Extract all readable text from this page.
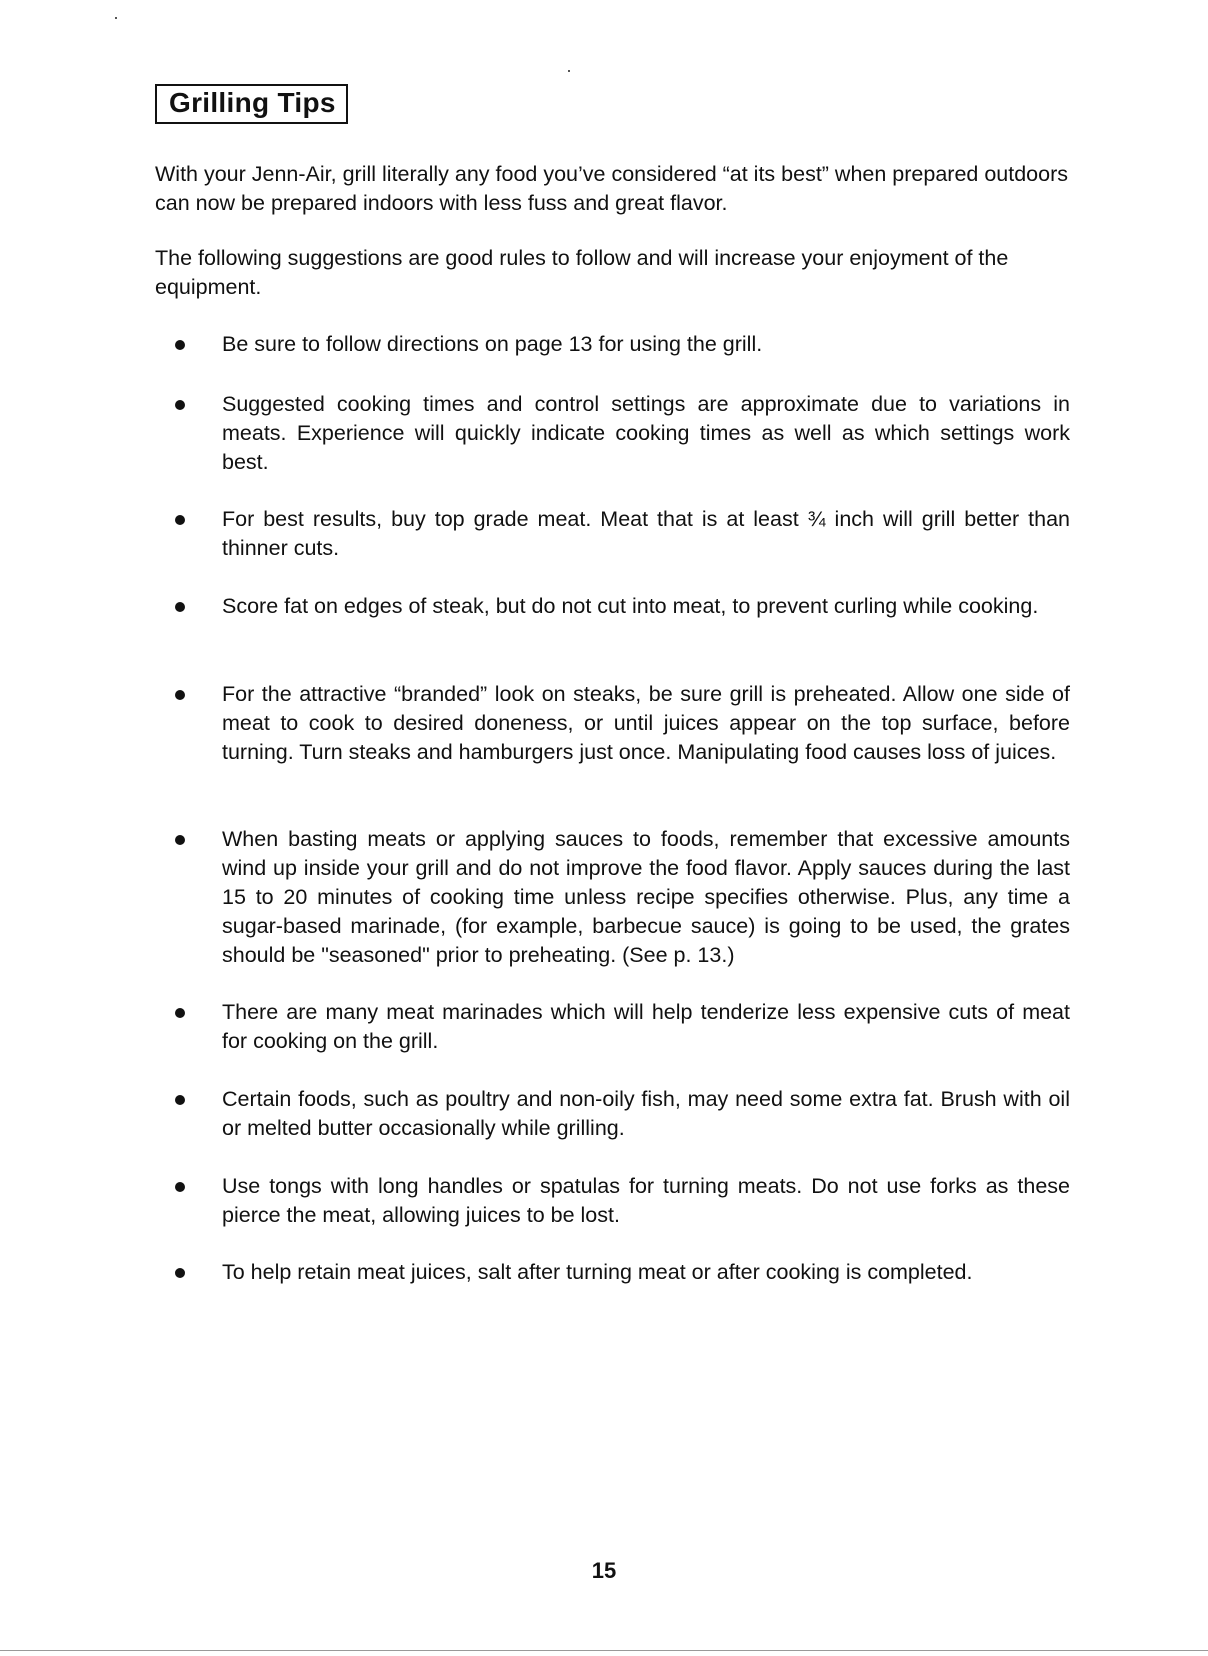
Grilling Tips

With your Jenn-Air, grill literally any food you’ve considered “at its best” when prepared outdoors can now be prepared indoors with less fuss and great flavor.

The following suggestions are good rules to follow and will increase your enjoyment of the equipment.

Be sure to follow directions on page 13 for using the grill.
Suggested cooking times and control settings are approximate due to variations in meats. Experience will quickly indicate cooking times as well as which settings work best.
For best results, buy top grade meat. Meat that is at least ¾ inch will grill better than thinner cuts.
Score fat on edges of steak, but do not cut into meat, to prevent curling while cooking.
For the attractive “branded” look on steaks, be sure grill is preheated. Allow one side of meat to cook to desired doneness, or until juices appear on the top surface, before turning. Turn steaks and hamburgers just once. Manipulating food causes loss of juices.
When basting meats or applying sauces to foods, remember that excessive amounts wind up inside your grill and do not improve the food flavor. Apply sauces during the last 15 to 20 minutes of cooking time unless recipe specifies otherwise. Plus, any time a sugar-based marinade, (for example, barbecue sauce) is going to be used, the grates should be "seasoned" prior to preheating. (See p. 13.)
There are many meat marinades which will help tenderize less expensive cuts of meat for cooking on the grill.
Certain foods, such as poultry and non-oily fish, may need some extra fat. Brush with oil or melted butter occasionally while grilling.
Use tongs with long handles or spatulas for turning meats. Do not use forks as these pierce the meat, allowing juices to be lost.
To help retain meat juices, salt after turning meat or after cooking is completed.
15
